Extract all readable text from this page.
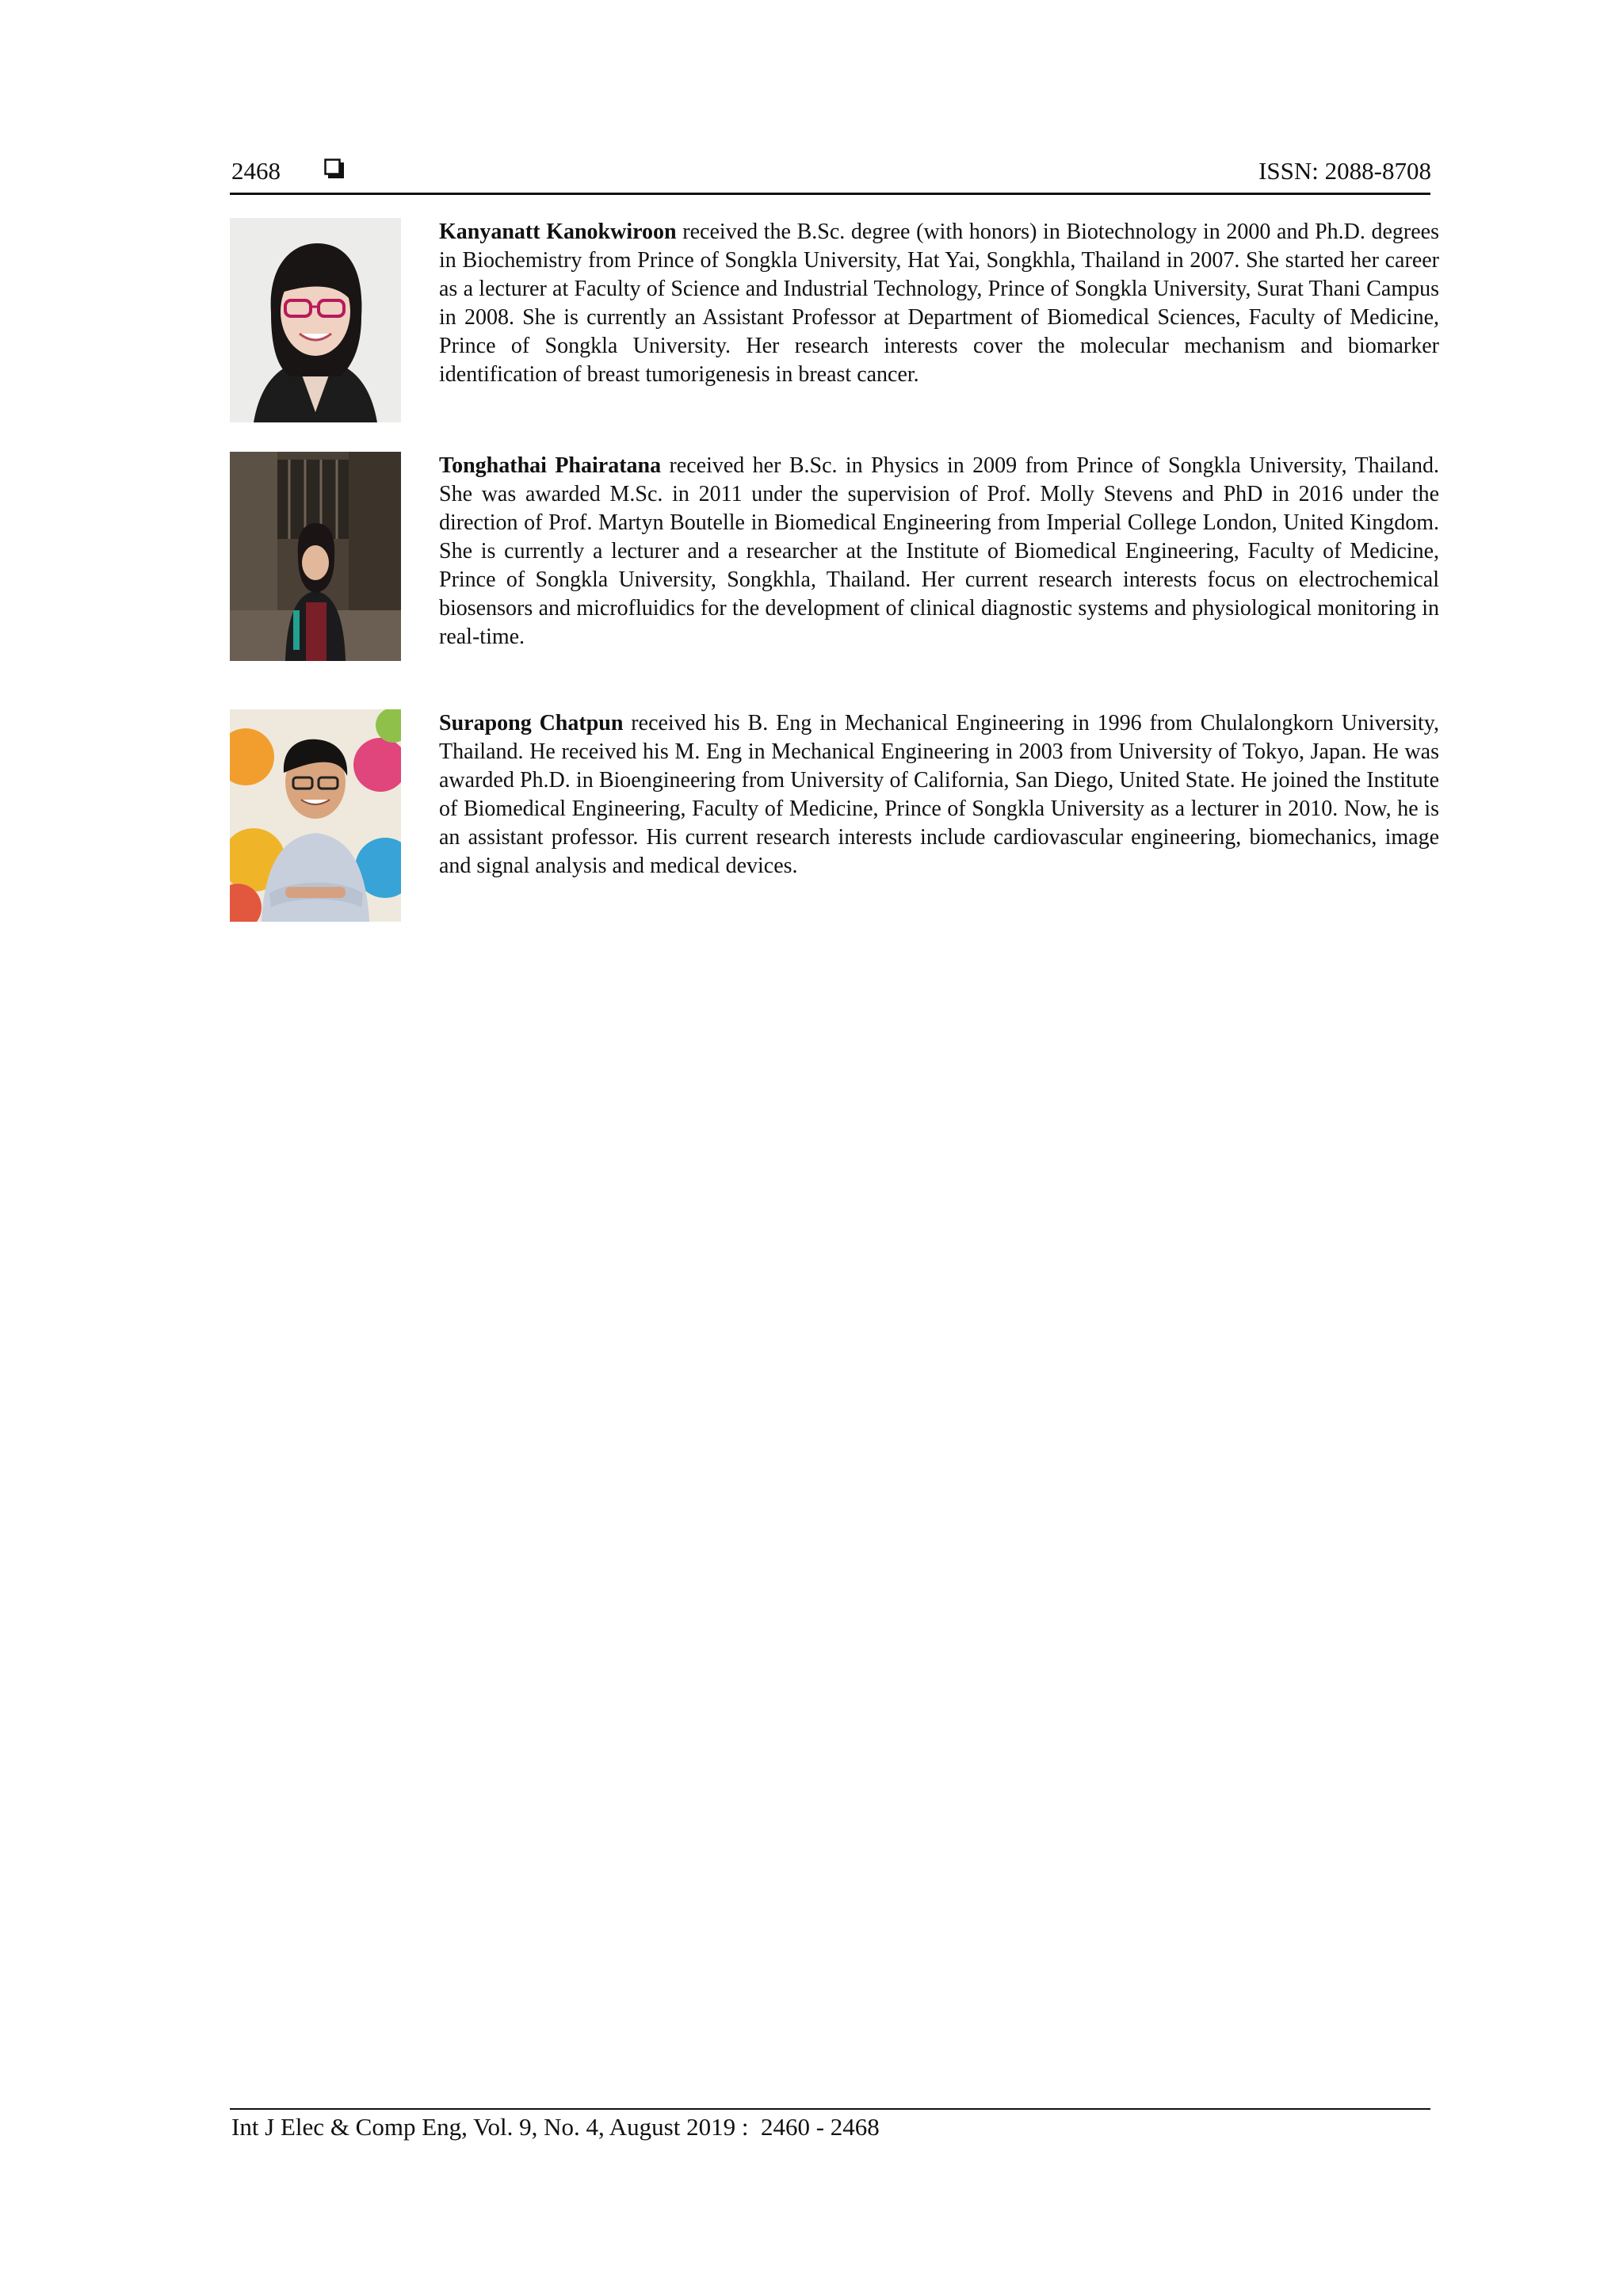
2468	ISSN: 2088-8708

Kanyanatt Kanokwiroon received the B.Sc. degree (with honors) in Biotechnology in 2000 and Ph.D. degrees in Biochemistry from Prince of Songkla University, Hat Yai, Songkhla, Thailand in 2007. She started her career as a lecturer at Faculty of Science and Industrial Technology, Prince of Songkla University, Surat Thani Campus in 2008. She is currently an Assistant Professor at Department of Biomedical Sciences, Faculty of Medicine, Prince of Songkla University. Her research interests cover the molecular mechanism and biomarker identification of breast tumorigenesis in breast cancer.

Tonghathai Phairatana received her B.Sc. in Physics in 2009 from Prince of Songkla University, Thailand. She was awarded M.Sc. in 2011 under the supervision of Prof. Molly Stevens and PhD in 2016 under the direction of Prof. Martyn Boutelle in Biomedical Engineering from Imperial College London, United Kingdom. She is currently a lecturer and a researcher at the Institute of Biomedical Engineering, Faculty of Medicine, Prince of Songkla University, Songkhla, Thailand. Her current research interests focus on electrochemical biosensors and microfluidics for the development of clinical diagnostic systems and physiological monitoring in real-time.

Surapong Chatpun received his B. Eng in Mechanical Engineering in 1996 from Chulalongkorn University, Thailand. He received his M. Eng in Mechanical Engineering in 2003 from University of Tokyo, Japan. He was awarded Ph.D. in Bioengineering from University of California, San Diego, United State. He joined the Institute of Biomedical Engineering, Faculty of Medicine, Prince of Songkla University as a lecturer in 2010. Now, he is an assistant professor. His current research interests include cardiovascular engineering, biomechanics, image and signal analysis and medical devices.

Int J Elec & Comp Eng, Vol. 9, No. 4, August 2019 :  2460 - 2468
